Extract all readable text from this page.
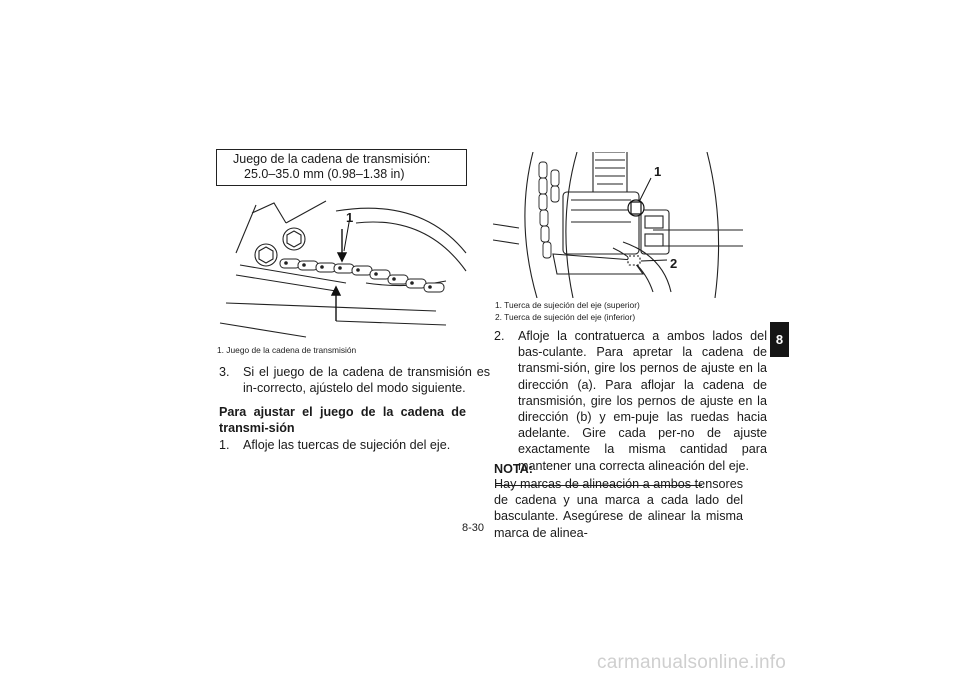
Juego de la cadena de transmisión:
25.0–35.0 mm (0.98–1.38 in)
1
1. Juego de la cadena de transmisión
3. Si el juego de la cadena de transmisión es in-correcto, ajústelo del modo siguiente.
Para ajustar el juego de la cadena de transmi-sión
1. Afloje las tuercas de sujeción del eje.
1
2
1. Tuerca de sujeción del eje (superior)
2. Tuerca de sujeción del eje (inferior)
2. Afloje la contratuerca a ambos lados del bas-culante. Para apretar la cadena de transmi-sión, gire los pernos de ajuste en la dirección (a). Para aflojar la cadena de transmisión, gire los pernos de ajuste en la dirección (b) y em-puje las ruedas hacia adelante. Gire cada per-no de ajuste exactamente la misma cantidad para mantener una correcta alineación del eje.
NOTA:
Hay marcas de alineación a ambos tensores de cadena y una marca a cada lado del basculante. Asegúrese de alinear la misma marca de alinea-
8
8-30
carmanualsonline.info
